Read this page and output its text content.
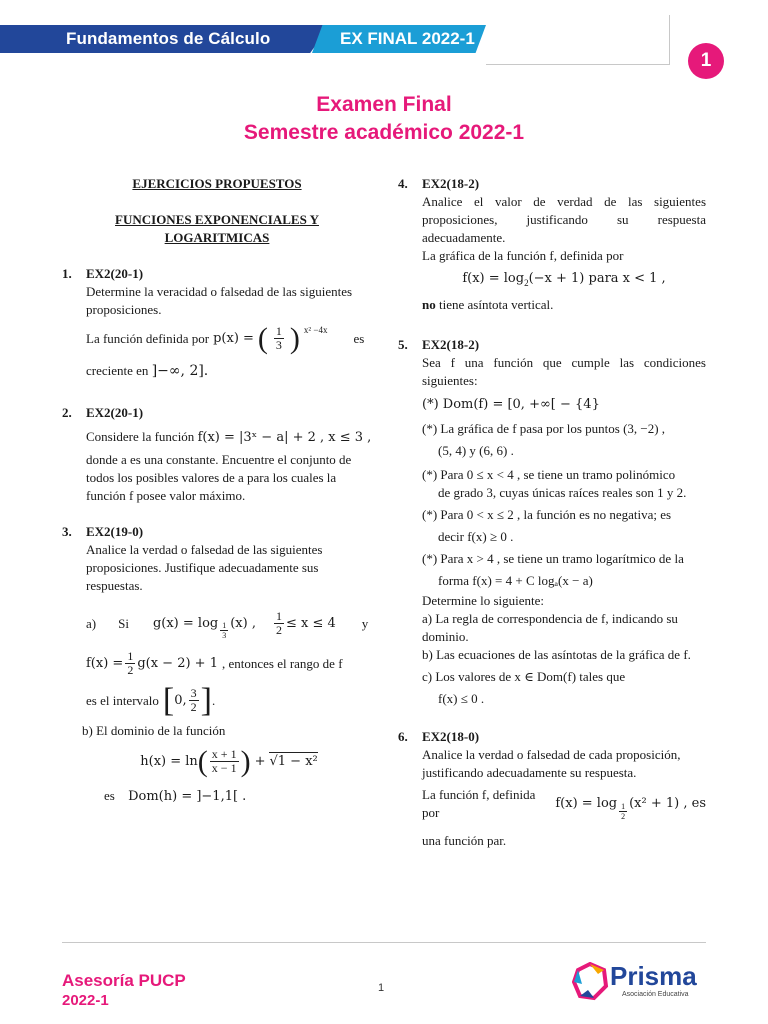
Fundamentos de Cálculo	EX FINAL 2022-1
1
Examen Final
Semestre académico 2022-1

EJERCICIOS PROPUESTOS

FUNCIONES EXPONENCIALES Y LOGARITMICAS

1. EX2(20-1)
Determine la veracidad o falsedad de las siguientes proposiciones.
La función definida por p(x) = ( $\frac{1}{3}$ ) x² −4x
es
creciente en ]−∞, 2].
2. EX2(20-1)
Considere la función f(x) = |3ˣ − a| + 2 , x ≤ 3 ,
donde a es una constante. Encuentre el conjunto de todos los posibles valores de a para los cuales la función f posee valor máximo.
3. EX2(19-0)
Analice la verdad o falsedad de las siguientes proposiciones. Justifique adecuadamente sus respuestas.
a) Si $g(x) = \log \frac{1}{3} (x)$ , $\frac{1}{2} \le x \le 4$ y
$f(x) = \frac{1}{2} g(x - 2) + 1$ , entonces el rango de f
es el intervalo [ 0, $\frac{3}{2}$ ] .
b) El dominio de la función
h(x) = ln ( $\frac{x + 1}{x - 1}$ ) + √1 − x²
es Dom(h) = ]−1,1[ .
4. EX2(18-2)
Analice el valor de verdad de las siguientes proposiciones, justificando su respuesta adecuadamente.
La gráfica de la función f, definida por
$f(x) = \log_2(-x + 1)$ para x < 1 ,
no tiene asíntota vertical.
5. EX2(18-2)
Sea f una función que cumple las condiciones siguientes:
(*) Dom(f) = [0, +∞[ − {4}
(*) La gráfica de f pasa por los puntos (3, −2) ,
(5, 4) y (6, 6) .
(*) Para 0 ≤ x < 4 , se tiene un tramo polinómico
de grado 3, cuyas únicas raíces reales son 1 y 2.
(*) Para 0 < x ≤ 2 , la función es no negativa; es
decir f(x) ≥ 0 .
(*) Para x > 4 , se tiene un tramo logarítmico de la
forma f(x) = 4 + C logₐ(x − a)
Determine lo siguiente:
a) La regla de correspondencia de f, indicando su dominio.
b) Las ecuaciones de las asíntotas de la gráfica de f.
c) Los valores de x ∈ Dom(f) tales que
f(x) ≤ 0 .
6. EX2(18-0)
Analice la verdad o falsedad de cada proposición, justificando adecuadamente su respuesta.
La función f, definida por
$f(x) = \log \frac{1}{2} (x^2 + 1)$ , es
una función par.
Asesoría PUCP
2022-1
1	Prisma
Asociación Educativa
